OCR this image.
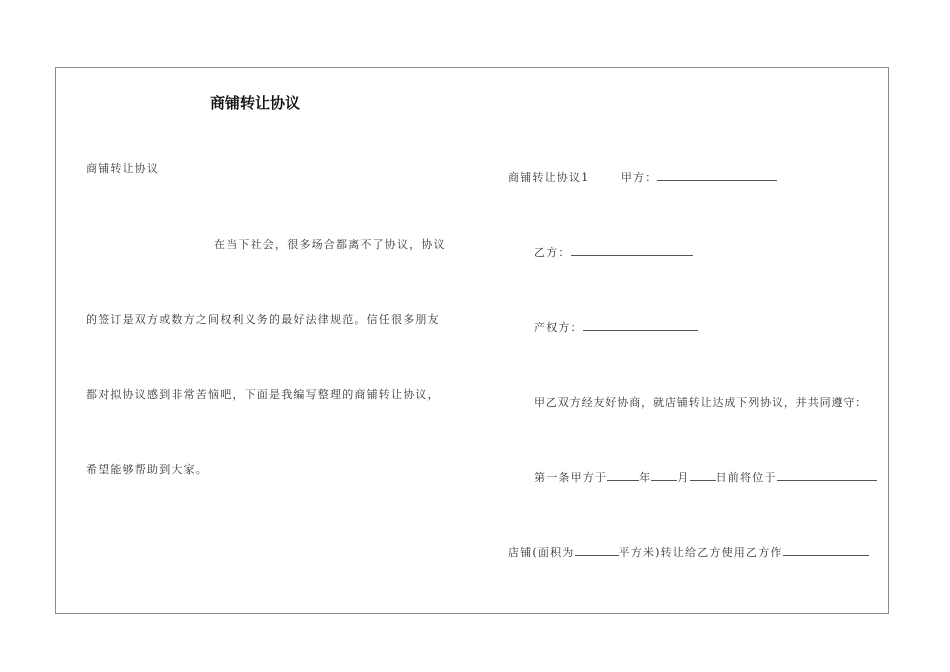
商铺转让协议
商铺转让协议
在当下社会，很多场合都离不了协议，协议
的签订是双方或数方之间权利义务的最好法律规范。信任很多朋友
都对拟协议感到非常苦恼吧，下面是我编写整理的商铺转让协议，
希望能够帮助到大家。
商铺转让协议1	甲方：
乙方：
产权方：
甲乙双方经友好协商，就店铺转让达成下列协议，并共同遵守：
第一条甲方于	年 月 日前将位于
店铺(面积为	平方米)转让给乙方使用乙方作
